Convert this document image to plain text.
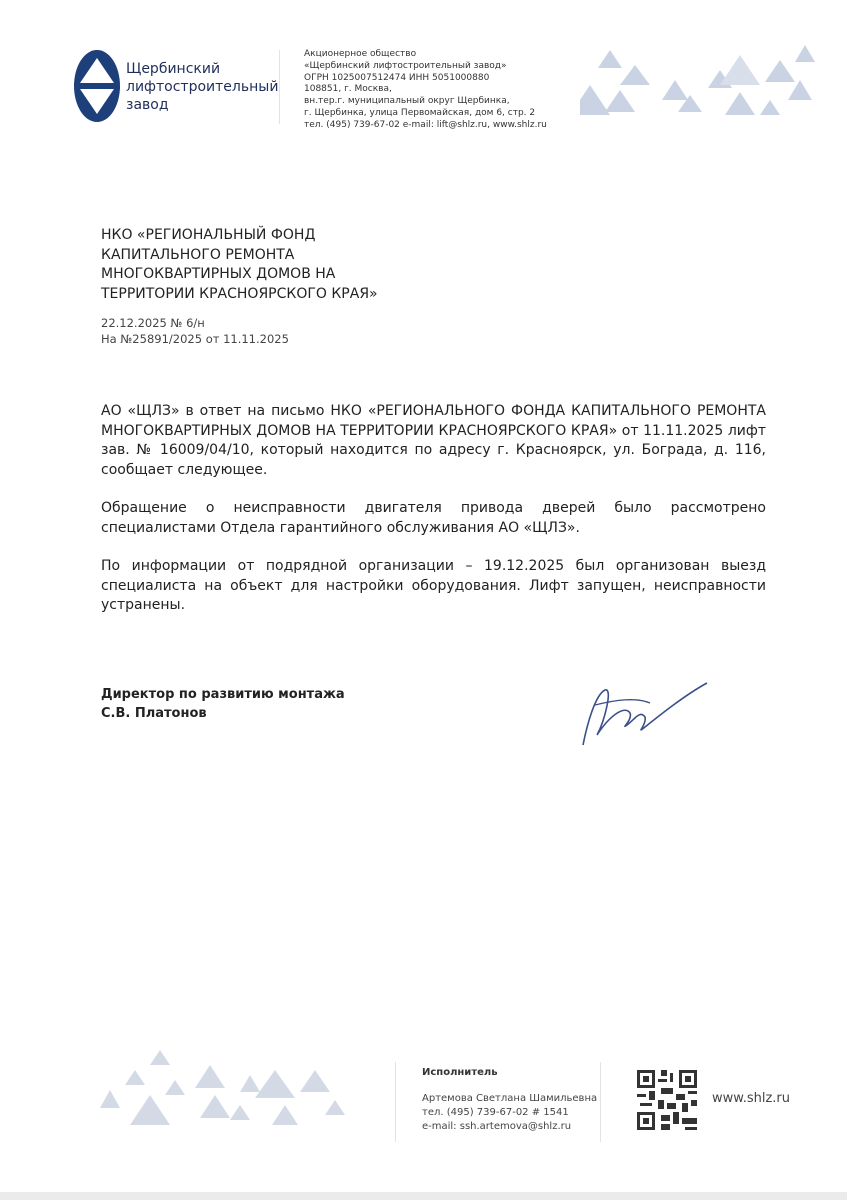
Щербинский
лифтостроительный
завод
Акционерное общество
«Щербинский лифтостроительный завод»
ОГРН 1025007512474 ИНН 5051000880
108851, г. Москва,
вн.тер.г. муниципальный округ Щербинка,
г. Щербинка, улица Первомайская, дом 6, стр. 2
тел. (495) 739-67-02 e-mail: lift@shlz.ru, www.shlz.ru
НКО «РЕГИОНАЛЬНЫЙ ФОНД
КАПИТАЛЬНОГО РЕМОНТА
МНОГОКВАРТИРНЫХ ДОМОВ НА
ТЕРРИТОРИИ КРАСНОЯРСКОГО КРАЯ»
22.12.2025 № 6/н
На №25891/2025 от 11.11.2025

АО «ЩЛЗ» в ответ на письмо НКО «РЕГИОНАЛЬНОГО ФОНДА КАПИТАЛЬНОГО РЕМОНТА МНОГОКВАРТИРНЫХ ДОМОВ НА ТЕРРИТОРИИ КРАСНОЯРСКОГО КРАЯ» от 11.11.2025 лифт зав. № 16009/04/10, который находится по адресу г. Красноярск, ул. Бограда, д. 116, сообщает следующее.

Обращение о неисправности двигателя привода дверей было рассмотрено специалистами Отдела гарантийного обслуживания АО «ЩЛЗ».

По информации от подрядной организации – 19.12.2025 был организован выезд специалиста на объект для настройки оборудования. Лифт запущен, неисправности устранены.

Директор по развитию монтажа
С.В. Платонов
Исполнитель
Артемова Светлана Шамильевна
тел. (495) 739-67-02 # 1541
e-mail: ssh.artemova@shlz.ru
www.shlz.ru
